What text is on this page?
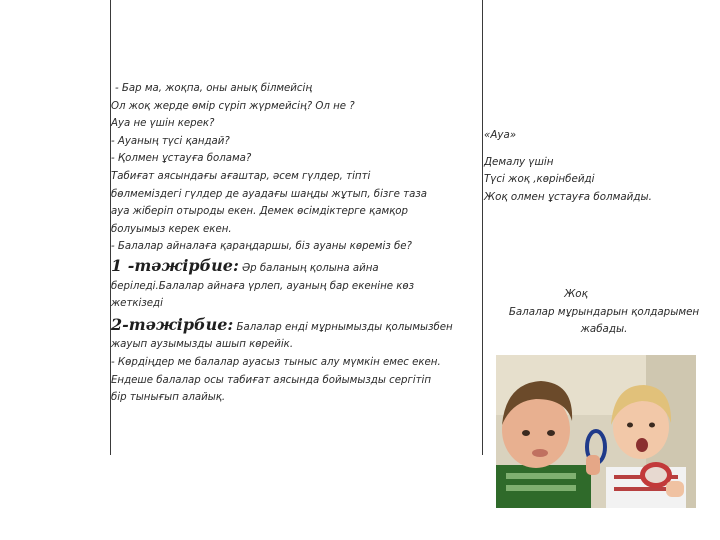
- Бар ма, жоқпа, оны анық білмейсің
Ол жоқ жерде өмір сүріп жүрмейсің? Ол не ?
Ауа не үшін керек?
- Ауаның түсі қандай?
- Қолмен ұстауға болама?
Табиғат аясындағы ағаштар, әсем гүлдер, тіпті
бөлмеміздегі гүлдер де ауадағы шаңды жұтып, бізге таза
ауа жіберіп отыроды екен. Демек өсімдіктерге қамқор
болуымыз керек екен.
- Балалар айналаға қараңдаршы, біз ауаны көреміз бе?
1 -тәжірбие: Әр баланың қолына айна
беріледі.Балалар айнаға үрлеп, ауаның бар екеніне көз
жеткізеді
2-тәжірбие: Балалар енді мұрнымызды қолымызбен
жауып аузымызды ашып көрейік.
- Көрдіңдер ме балалар ауасыз тыныс алу мүмкін емес екен.
Ендеше балалар осы табиғат аясында бойымызды сергітіп
бір тынығып алайық.
«Ауа»
Демалу үшін
Түсі жоқ ,көрінбейді
Жоқ олмен ұстауға болмайды.
Жоқ
Балалар мұрындарын қолдарымен
жабады.
